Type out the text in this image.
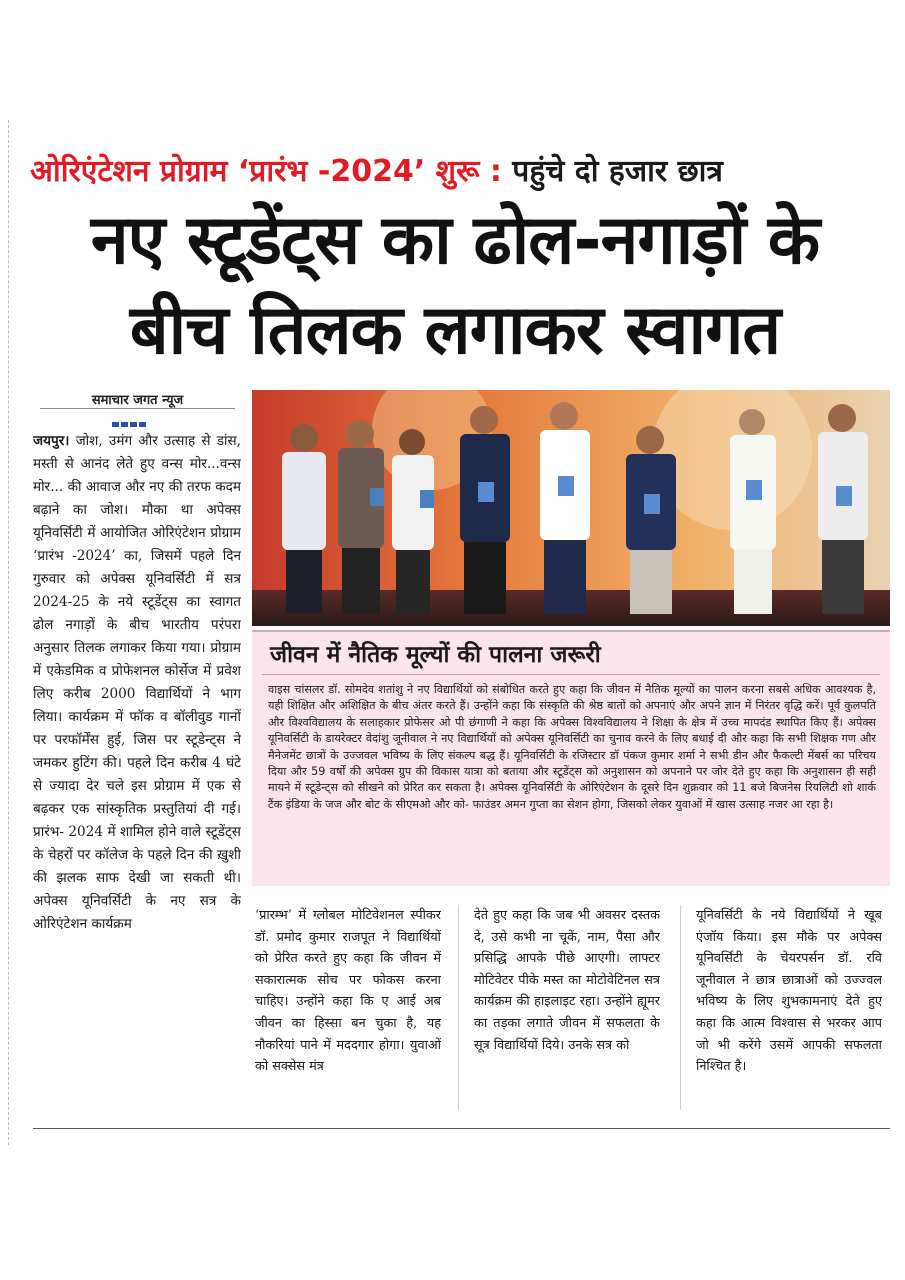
ओरिएंटेशन प्रोग्राम ‘प्रारंभ -2024’ शुरू : पहुंचे दो हजार छात्र
नए स्टूडेंट्स का ढोल-नगाड़ों के
बीच तिलक लगाकर स्वागत
समाचार जगत न्यूज
जयपुर। जोश, उमंग और उत्साह से डांस, मस्ती से आनंद लेते हुए वन्स मोर...वन्स मोर... की आवाज और नए की तरफ कदम बढ़ाने का जोश। मौका था अपेक्स यूनिवर्सिटी में आयोजित ओरिएंटेशन प्रोग्राम ‘प्रारंभ -2024’ का, जिसमें पहले दिन गुरुवार को अपेक्स यूनिवर्सिटी में सत्र 2024-25 के नये स्टूडेंट्स का स्वागत ढोल नगाड़ों के बीच भारतीय परंपरा अनुसार तिलक लगाकर किया गया। प्रोग्राम में एकेडमिक व प्रोफेशनल कोर्सेज में प्रवेश लिए करीब 2000 विद्यार्थियों ने भाग लिया। कार्यक्रम में फॉक व बॉलीवुड गानों पर परफॉर्मेंस हुई, जिस पर स्टूडेन्ट्स ने जमकर हुटिंग की। पहले दिन करीब 4 घंटे से ज्यादा देर चले इस प्रोग्राम में एक से बढ़कर एक सांस्कृतिक प्रस्तुतियां दी गई। प्रारंभ- 2024 में शामिल होने वाले स्टूडेंट्स के चेहरों पर कॉलेज के पहले दिन की ख़ुशी की झलक साफ देखी जा सकती थी। अपेक्स यूनिवर्सिटी के नए सत्र के ओरिएंटेशन कार्यक्रम
जीवन में नैतिक मूल्यों की पालना जरूरी
वाइस चांसलर डॉ. सोमदेव शतांशु ने नए विद्यार्थियों को संबोधित करते हुए कहा कि जीवन में नैतिक मूल्यों का पालन करना सबसे अधिक आवश्यक है, यही शिक्षित और अशिक्षित के बीच अंतर करते हैं। उन्होंने कहा कि संस्कृति की श्रेष्ठ बातों को अपनाएं और अपने ज्ञान में निरंतर वृद्धि करें। पूर्व कुलपति और विश्वविद्यालय के सलाहकार प्रोफेसर ओ पी छंगाणी ने कहा कि अपेक्स विश्वविद्यालय ने शिक्षा के क्षेत्र में उच्च मापदंड स्थापित किए हैं। अपेक्स यूनिवर्सिटी के डायरेक्टर वेदांशु जूनीवाल ने नए विद्यार्थियों को अपेक्स यूनिवर्सिटी का चुनाव करने के लिए बधाई दी और कहा कि सभी शिक्षक गण और मैनेजमेंट छात्रों के उज्जवल भविष्य के लिए संकल्प बद्ध हैं। यूनिवर्सिटी के रजिस्टार डॉ पंकज कुमार शर्मा ने सभी डीन और फैकल्टी मेंबर्स का परिचय दिया और 59 वर्षों की अपेक्स ग्रुप की विकास यात्रा को बताया और स्टूडेंट्स को अनुशासन को अपनाने पर जोर देते हुए कहा कि अनुशासन ही सही मायने में स्टूडेन्ट्स को सीखने को प्रेरित कर सकता है। अपेक्स यूनिवर्सिटी के ओरिएंटेशन के दूसरे दिन शुक्रवार को 11 बजे बिजनेस रियलिटी शो शार्क टैंक इंडिया के जज और बोट के सीएमओ और को- फाउंडर अमन गुप्ता का सेशन होगा, जिसको लेकर युवाओं में खास उत्साह नजर आ रहा है।
‘प्रारम्भ’ में ग्लोबल मोटिवेशनल स्पीकर डॉ. प्रमोद कुमार राजपूत ने विद्यार्थियों को प्रेरित करते हुए कहा कि जीवन में सकारात्मक सोच पर फोकस करना चाहिए। उन्होंने कहा कि ए आई अब जीवन का हिस्सा बन चुका है, यह नौकरियां पाने में मददगार होगा। युवाओं को सक्सेस मंत्र
देते हुए कहा कि जब भी अवसर दस्तक दे, उसे कभी ना चूकें, नाम, पैसा और प्रसिद्धि आपके पीछे आएगी। लाफ्टर मोटिवेटर पीके मस्त का मोटोवेटिनल सत्र कार्यक्रम की हाइलाइट रहा। उन्होंने ह्यूमर का तड़का लगाते जीवन में सफलता के सूत्र विद्यार्थियों दिये। उनके सत्र को
यूनिवर्सिटी के नये विद्यार्थियों ने खूब एंजॉय किया। इस मौके पर अपेक्स यूनिवर्सिटी के चेयरपर्सन डॉ. रवि जूनीवाल ने छात्र छात्राओं को उज्ज्वल भविष्य के लिए शुभकामनाएं देते हुए कहा कि आत्म विश्वास से भरकर आप जो भी करेंगे उसमें आपकी सफलता निश्चित है।
